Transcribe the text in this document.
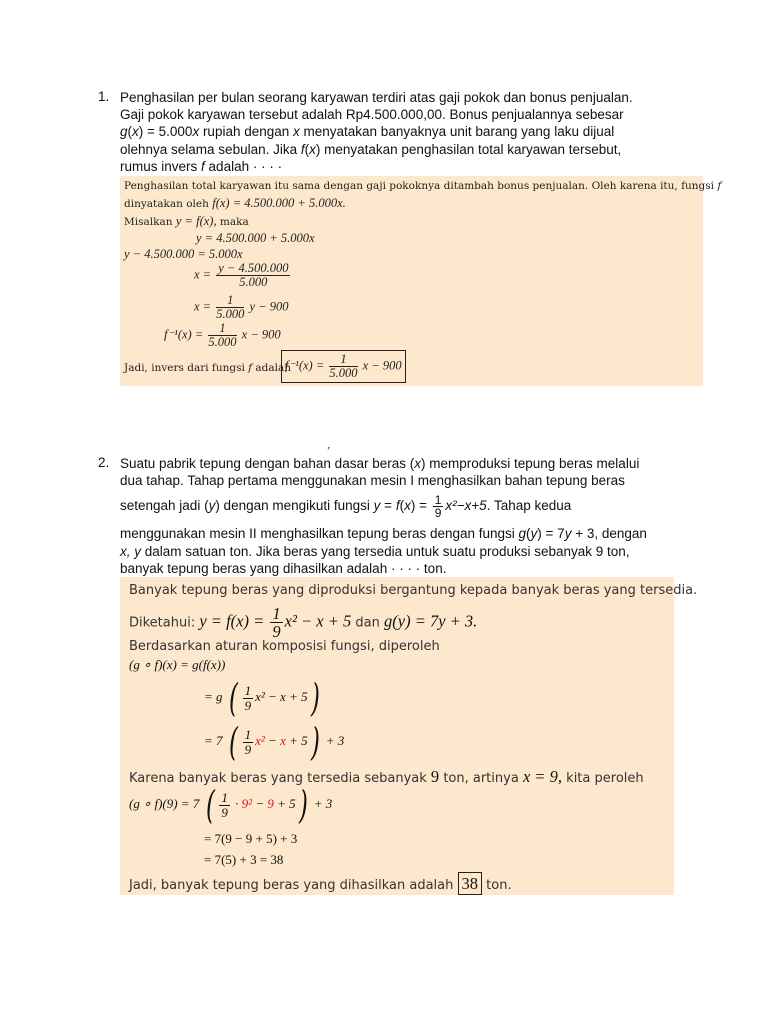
1. Penghasilan per bulan seorang karyawan terdiri atas gaji pokok dan bonus penjualan.
Gaji pokok karyawan tersebut adalah Rp4.500.000,00. Bonus penjualannya sebesar
g(x) = 5.000x rupiah dengan x menyatakan banyaknya unit barang yang laku dijual
olehnya selama sebulan. Jika f(x) menyatakan penghasilan total karyawan tersebut,
rumus invers f adalah · · · ·
Penghasilan total karyawan itu sama dengan gaji pokoknya ditambah bonus penjualan. Oleh karena itu, fungsi f
dinyatakan oleh f(x) = 4.500.000 + 5.000x.
Misalkan y = f(x), maka
y = 4.500.000 + 5.000x
y − 4.500.000 = 5.000x
$x = \frac{y - 4.500.000}{5.000}$
$x = \frac{1}{5.000}$ y − 900
$f^{-1}(x) = \frac{1}{5.000}$ x − 900
Jadi, invers dari fungsi f adalah
$f^{-1}(x) = \frac{1}{5.000}$ x − 900
ʼ
2. Suatu pabrik tepung dengan bahan dasar beras (x) memproduksi tepung beras melalui
dua tahap. Tahap pertama menggunakan mesin I menghasilkan bahan tepung beras
setengah jadi (y) dengan mengikuti fungsi $y = f(x) = \frac{1}{9} x^2-x+5$. Tahap kedua
menggunakan mesin II menghasilkan tepung beras dengan fungsi g(y) = 7y + 3, dengan
x, y dalam satuan ton. Jika beras yang tersedia untuk suatu produksi sebanyak 9 ton,
banyak tepung beras yang dihasilkan adalah · · · · ton.
Banyak tepung beras yang diproduksi bergantung kepada banyak beras yang tersedia.
Diketahui: $y = f(x) = \frac{1}{9} x^2 - x + 5$ dan g(y) = 7y + 3.
Berdasarkan aturan komposisi fungsi, diperoleh
(g ∘ f)(x) = g(f(x))
= g ( $\frac{1}{9} x^2 - x + 5$)
= 7 ( $\frac{1}{9} x^2 - x + 5) + 3$
Karena banyak beras yang tersedia sebanyak 9 ton, artinya x = 9, kita peroleh
(g ∘ f)(9) = 7 ( $\frac{1}{9} \cdot 9^2 - 9 + 5) + 3$
= 7(9 − 9 + 5) + 3
= 7(5) + 3 = 38
Jadi, banyak tepung beras yang dihasilkan adalah 38 ton.
